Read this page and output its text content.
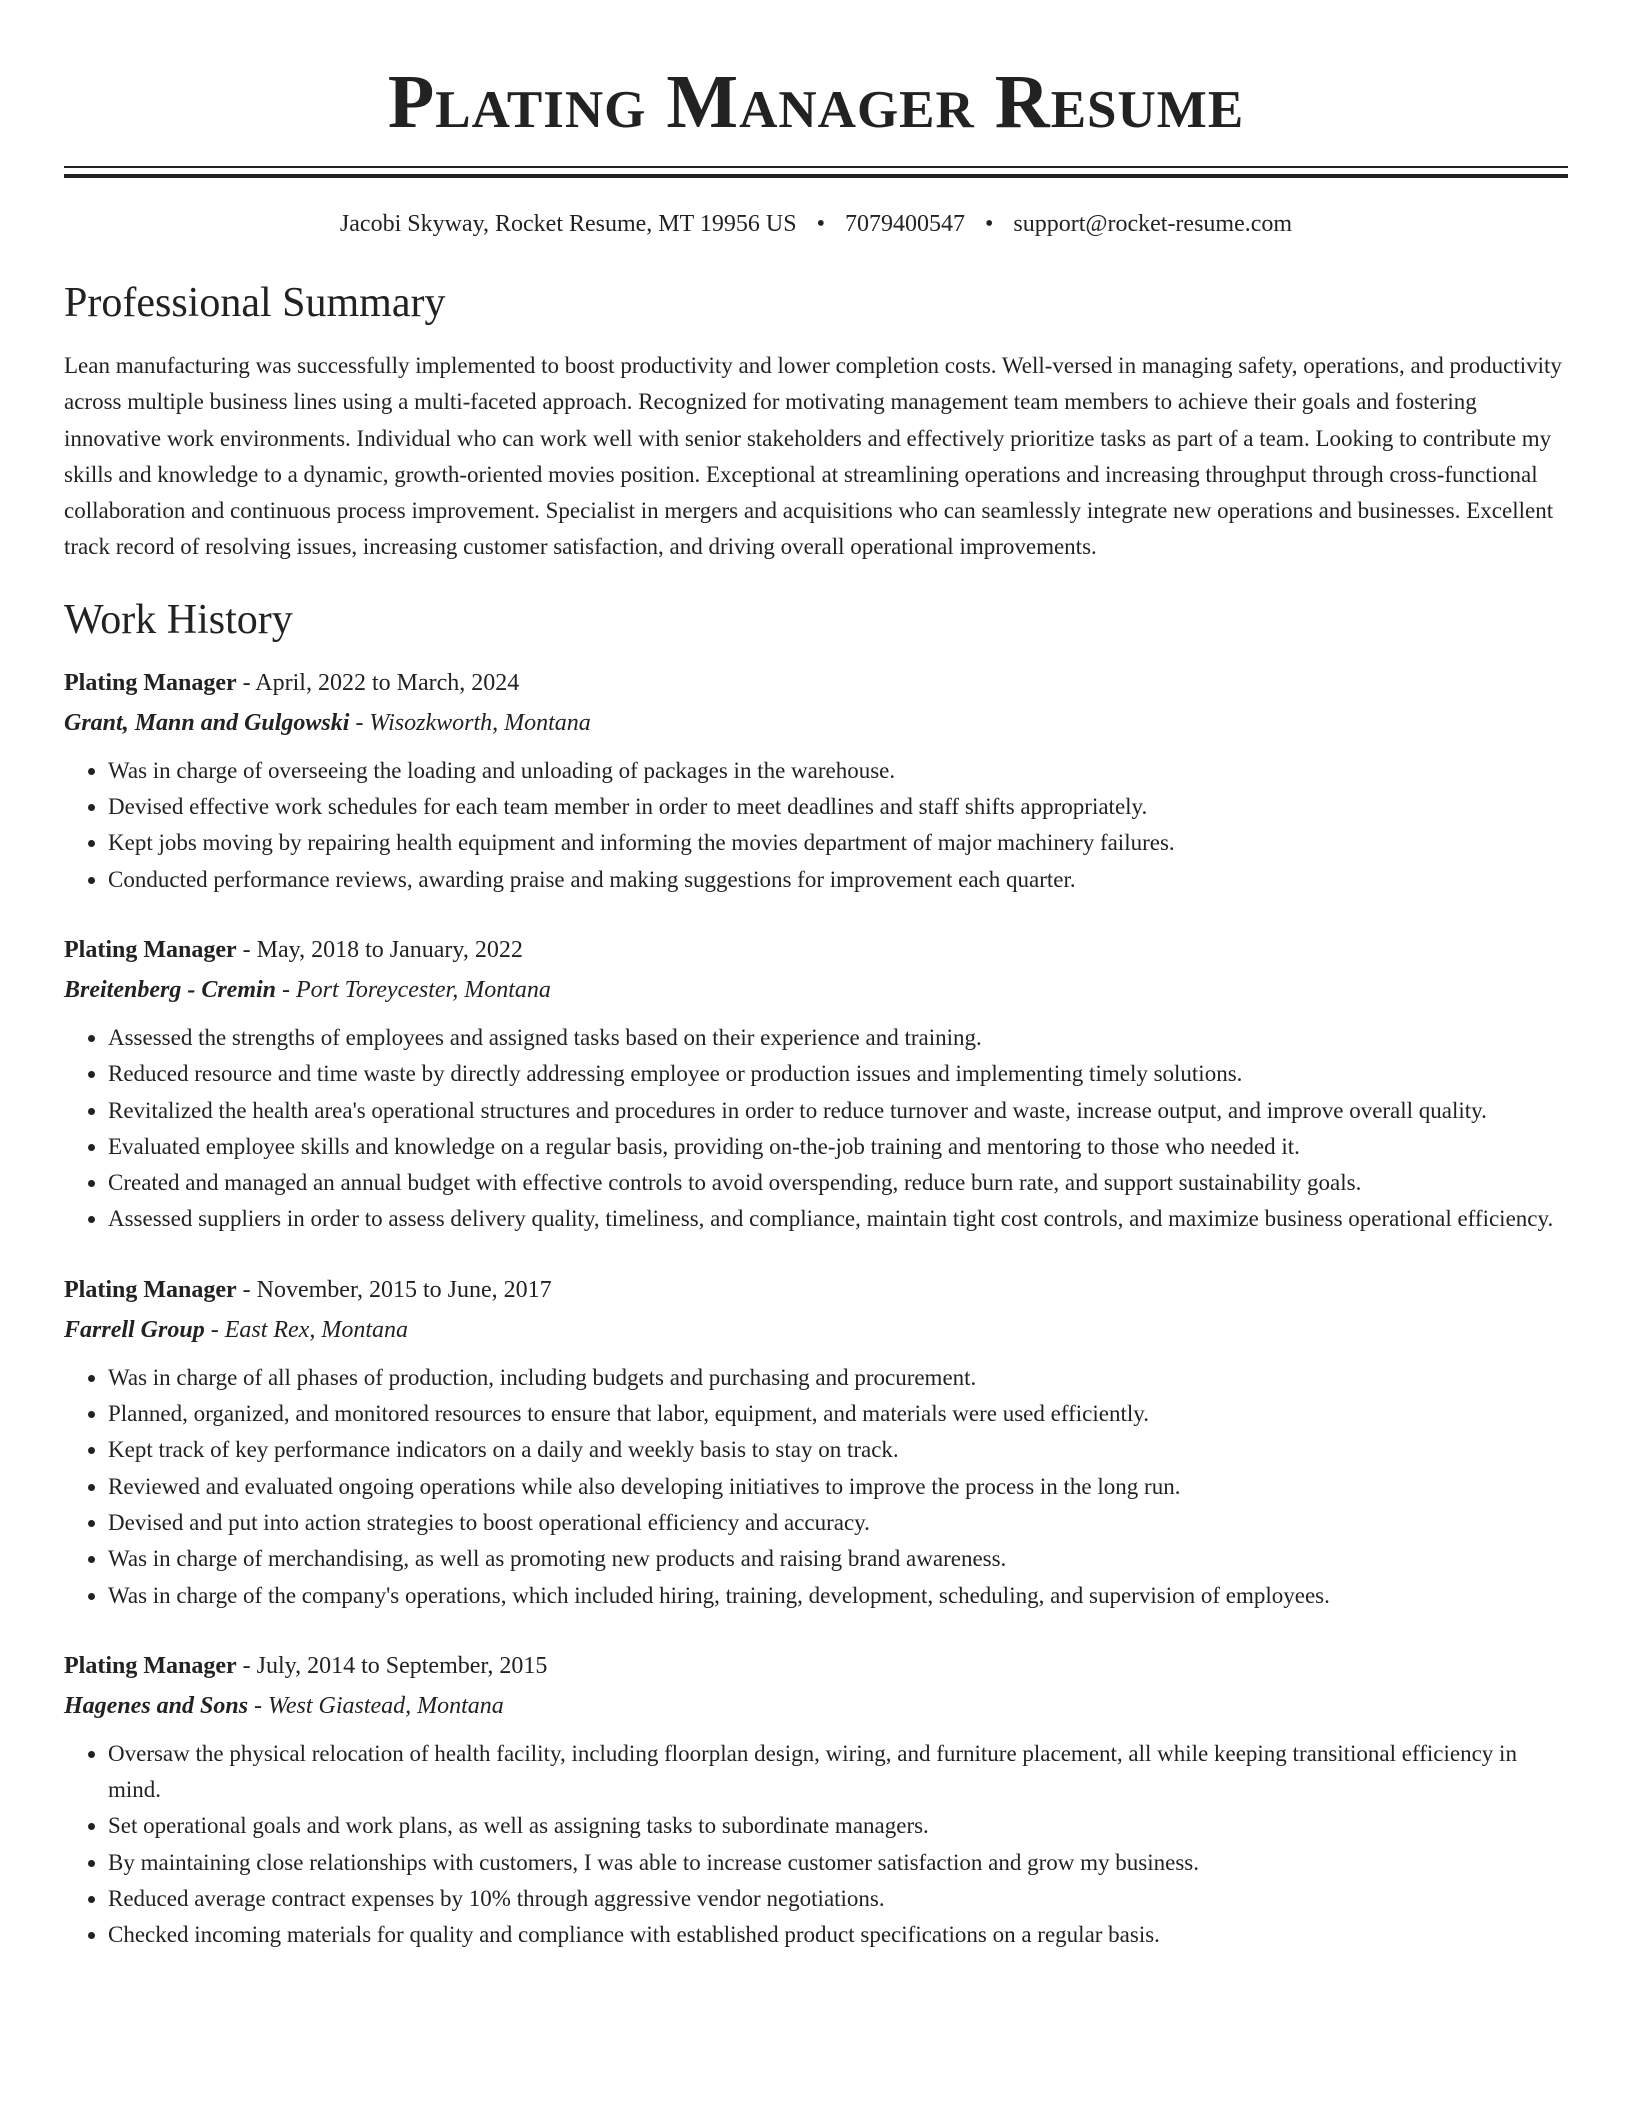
Plating Manager Resume
Jacobi Skyway, Rocket Resume, MT 19956 US • 7079400547 • support@rocket-resume.com
Professional Summary

Lean manufacturing was successfully implemented to boost productivity and lower completion costs. Well-versed in managing safety, operations, and productivity across multiple business lines using a multi-faceted approach. Recognized for motivating management team members to achieve their goals and fostering innovative work environments. Individual who can work well with senior stakeholders and effectively prioritize tasks as part of a team. Looking to contribute my skills and knowledge to a dynamic, growth-oriented movies position. Exceptional at streamlining operations and increasing throughput through cross-functional collaboration and continuous process improvement. Specialist in mergers and acquisitions who can seamlessly integrate new operations and businesses. Excellent track record of resolving issues, increasing customer satisfaction, and driving overall operational improvements.

Work History
Plating Manager - April, 2022 to March, 2024
Grant, Mann and Gulgowski - Wisozkworth, Montana
• Was in charge of overseeing the loading and unloading of packages in the warehouse.
• Devised effective work schedules for each team member in order to meet deadlines and staff shifts appropriately.
• Kept jobs moving by repairing health equipment and informing the movies department of major machinery failures.
• Conducted performance reviews, awarding praise and making suggestions for improvement each quarter.
Plating Manager - May, 2018 to January, 2022
Breitenberg - Cremin - Port Toreycester, Montana
• Assessed the strengths of employees and assigned tasks based on their experience and training.
• Reduced resource and time waste by directly addressing employee or production issues and implementing timely solutions.
• Revitalized the health area's operational structures and procedures in order to reduce turnover and waste, increase output, and improve overall quality.
• Evaluated employee skills and knowledge on a regular basis, providing on-the-job training and mentoring to those who needed it.
• Created and managed an annual budget with effective controls to avoid overspending, reduce burn rate, and support sustainability goals.
• Assessed suppliers in order to assess delivery quality, timeliness, and compliance, maintain tight cost controls, and maximize business operational efficiency.
Plating Manager - November, 2015 to June, 2017
Farrell Group - East Rex, Montana
• Was in charge of all phases of production, including budgets and purchasing and procurement.
• Planned, organized, and monitored resources to ensure that labor, equipment, and materials were used efficiently.
• Kept track of key performance indicators on a daily and weekly basis to stay on track.
• Reviewed and evaluated ongoing operations while also developing initiatives to improve the process in the long run.
• Devised and put into action strategies to boost operational efficiency and accuracy.
• Was in charge of merchandising, as well as promoting new products and raising brand awareness.
• Was in charge of the company's operations, which included hiring, training, development, scheduling, and supervision of employees.
Plating Manager - July, 2014 to September, 2015
Hagenes and Sons - West Giastead, Montana
• Oversaw the physical relocation of health facility, including floorplan design, wiring, and furniture placement, all while keeping transitional efficiency in mind.
• Set operational goals and work plans, as well as assigning tasks to subordinate managers.
• By maintaining close relationships with customers, I was able to increase customer satisfaction and grow my business.
• Reduced average contract expenses by 10% through aggressive vendor negotiations.
• Checked incoming materials for quality and compliance with established product specifications on a regular basis.
